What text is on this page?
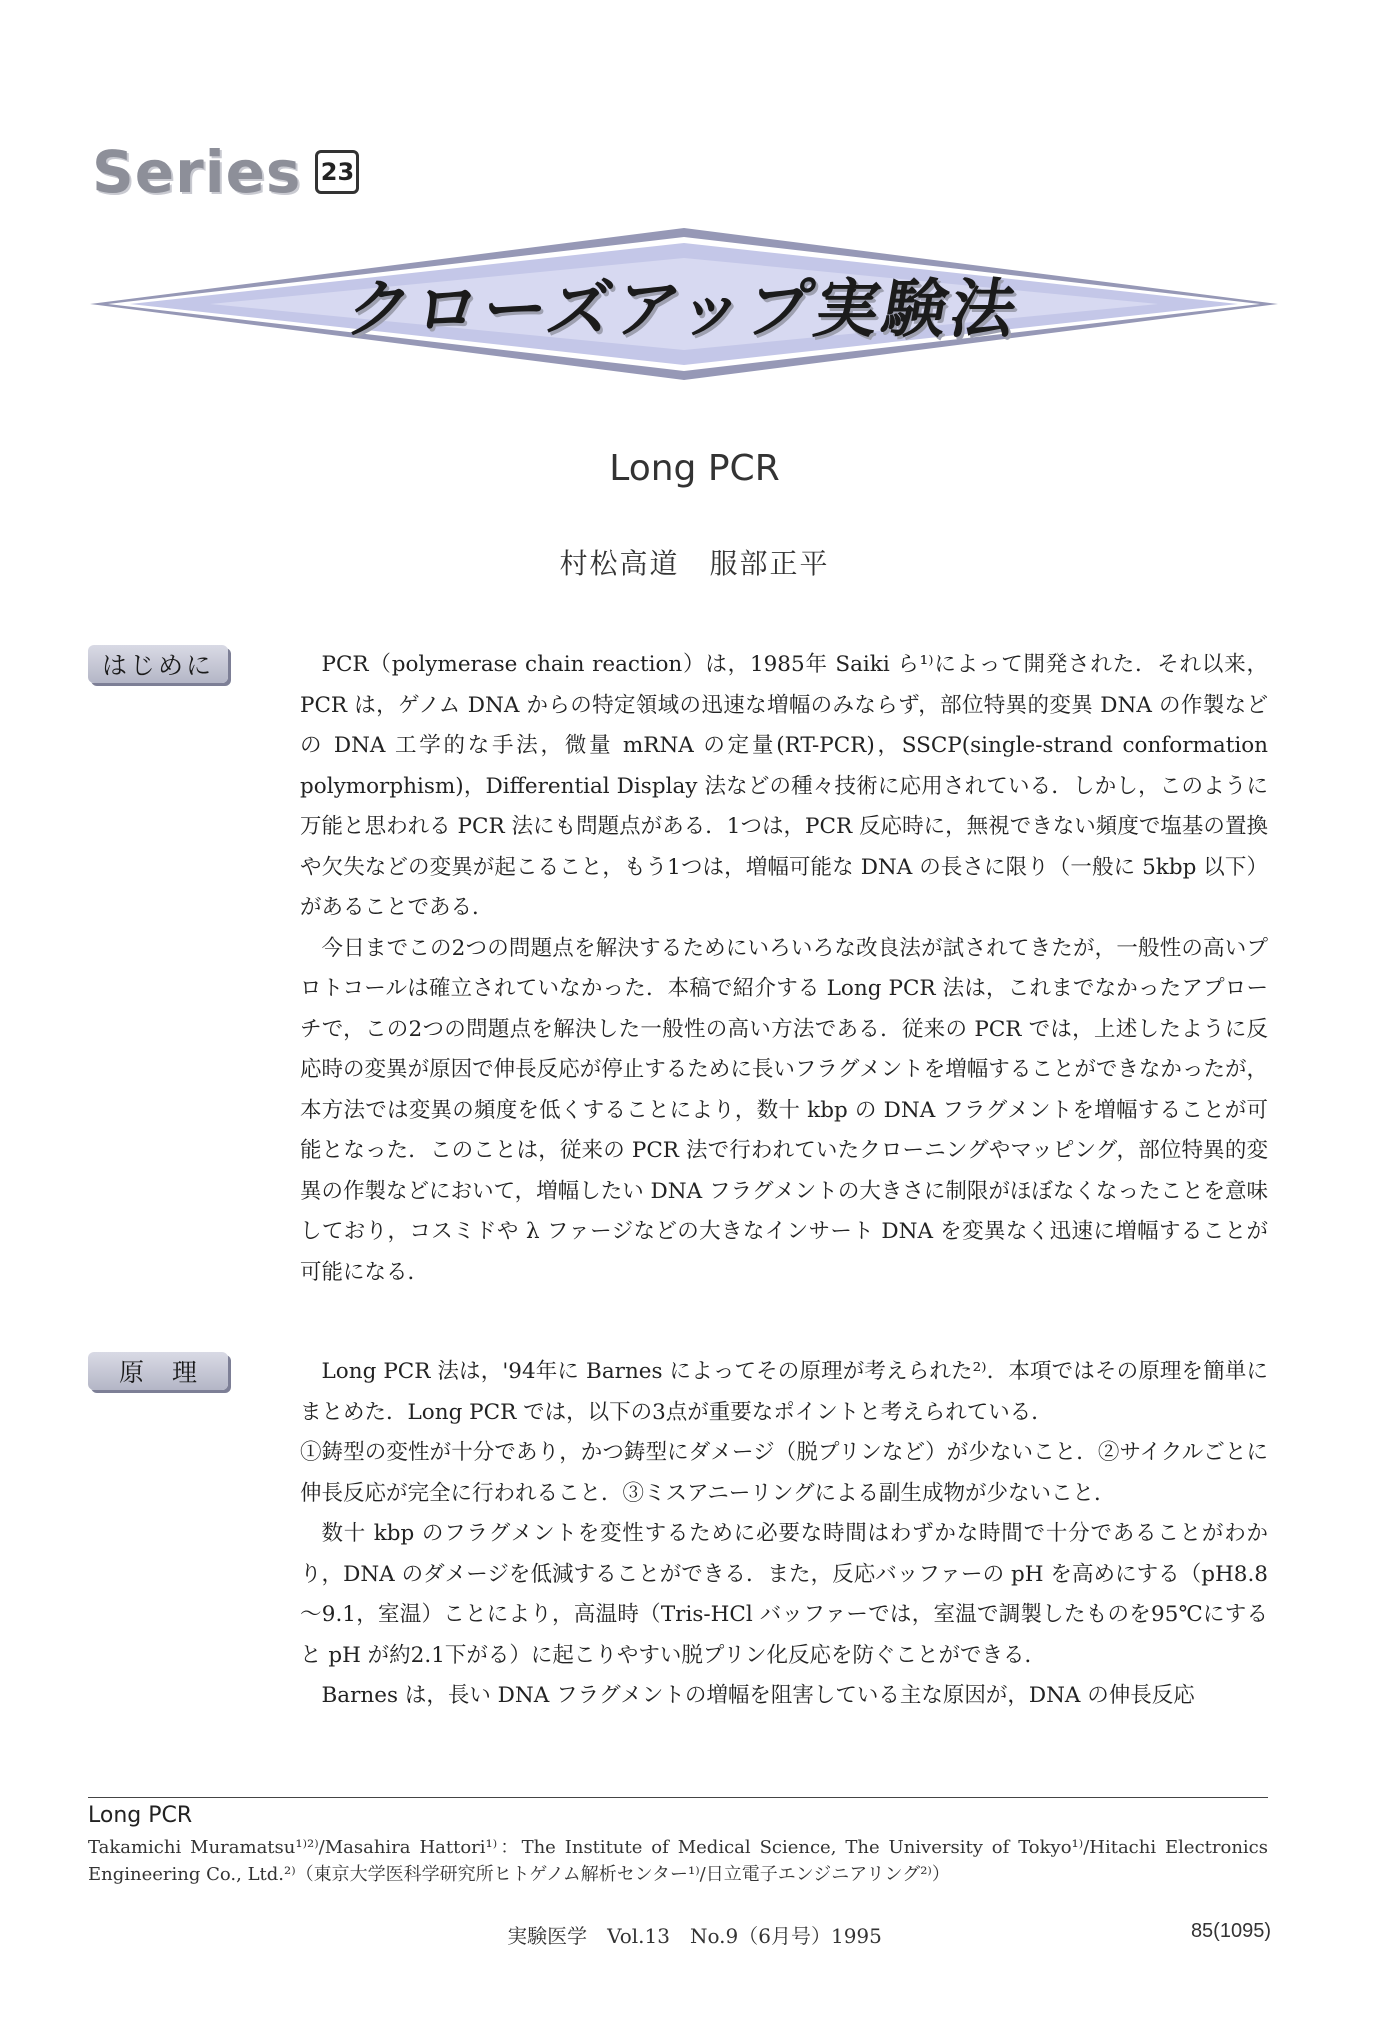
Series 23
クローズアップ実験法
Long PCR
村松高道　服部正平
はじめに	PCR（polymerase chain reaction）は，1985年 Saiki ら¹⁾によって開発された．それ以来，PCR は，ゲノム DNA からの特定領域の迅速な増幅のみならず，部位特異的変異 DNA の作製などの DNA 工学的な手法，微量 mRNA の定量(RT-PCR)，SSCP(single-strand conformation polymorphism)，Differential Display 法などの種々技術に応用されている．しかし，このように万能と思われる PCR 法にも問題点がある．1つは，PCR 反応時に，無視できない頻度で塩基の置換や欠失などの変異が起こること，もう1つは，増幅可能な DNA の長さに限り（一般に 5kbp 以下）があることである．

今日までこの2つの問題点を解決するためにいろいろな改良法が試されてきたが，一般性の高いプロトコールは確立されていなかった．本稿で紹介する Long PCR 法は，これまでなかったアプローチで，この2つの問題点を解決した一般性の高い方法である．従来の PCR では，上述したように反応時の変異が原因で伸長反応が停止するために長いフラグメントを増幅することができなかったが，本方法では変異の頻度を低くすることにより，数十 kbp の DNA フラグメントを増幅することが可能となった．このことは，従来の PCR 法で行われていたクローニングやマッピング，部位特異的変異の作製などにおいて，増幅したい DNA フラグメントの大きさに制限がほぼなくなったことを意味しており，コスミドや λ ファージなどの大きなインサート DNA を変異なく迅速に増幅することが可能になる．

原理	Long PCR 法は，'94年に Barnes によってその原理が考えられた²⁾．本項ではその原理を簡単にまとめた．Long PCR では，以下の3点が重要なポイントと考えられている．

①鋳型の変性が十分であり，かつ鋳型にダメージ（脱プリンなど）が少ないこと．②サイクルごとに伸長反応が完全に行われること．③ミスアニーリングによる副生成物が少ないこと．

数十 kbp のフラグメントを変性するために必要な時間はわずかな時間で十分であることがわかり，DNA のダメージを低減することができる．また，反応バッファーの pH を高めにする（pH8.8～9.1，室温）ことにより，高温時（Tris-HCl バッファーでは，室温で調製したものを95℃にすると pH が約2.1下がる）に起こりやすい脱プリン化反応を防ぐことができる．

Barnes は，長い DNA フラグメントの増幅を阻害している主な原因が，DNA の伸長反応

Long PCR
Takamichi Muramatsu¹⁾²⁾/Masahira Hattori¹⁾：The Institute of Medical Science, The University of Tokyo¹⁾/Hitachi Electronics Engineering Co., Ltd.²⁾（東京大学医科学研究所ヒトゲノム解析センター¹⁾/日立電子エンジニアリング²⁾）
実験医学　Vol.13　No.9（6月号）1995	85(1095)
